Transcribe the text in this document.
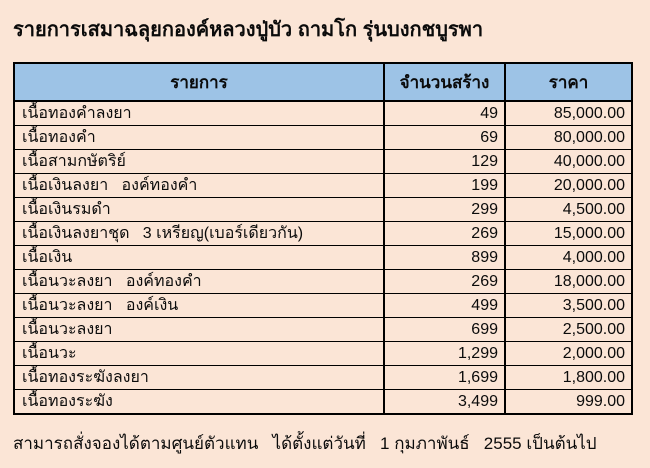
รายการเสมาฉลุยกองค์หลวงปู่บัว ถามโก รุ่นบงกชบูรพา
รายการ	จำนวนสร้าง	ราคา
เนื้อทองคำลงยา	49	85,000.00
เนื้อทองคำ	69	80,000.00
เนื้อสามกษัตริย์	129	40,000.00
เนื้อเงินลงยา   องค์ทองคำ	199	20,000.00
เนื้อเงินรมดำ	299	4,500.00
เนื้อเงินลงยาชุด   3 เหรียญ(เบอร์เดียวกัน)	269	15,000.00
เนื้อเงิน	899	4,000.00
เนื้อนวะลงยา   องค์ทองคำ	269	18,000.00
เนื้อนวะลงยา   องค์เงิน	499	3,500.00
เนื้อนวะลงยา	699	2,500.00
เนื้อนวะ	1,299	2,000.00
เนื้อทองระฆังลงยา	1,699	1,800.00
เนื้อทองระฆัง	3,499	999.00
สามารถสั่งจองได้ตามศูนย์ตัวแทน   ได้ตั้งแต่วันที่   1 กุมภาพันธ์   2555 เป็นต้นไป
